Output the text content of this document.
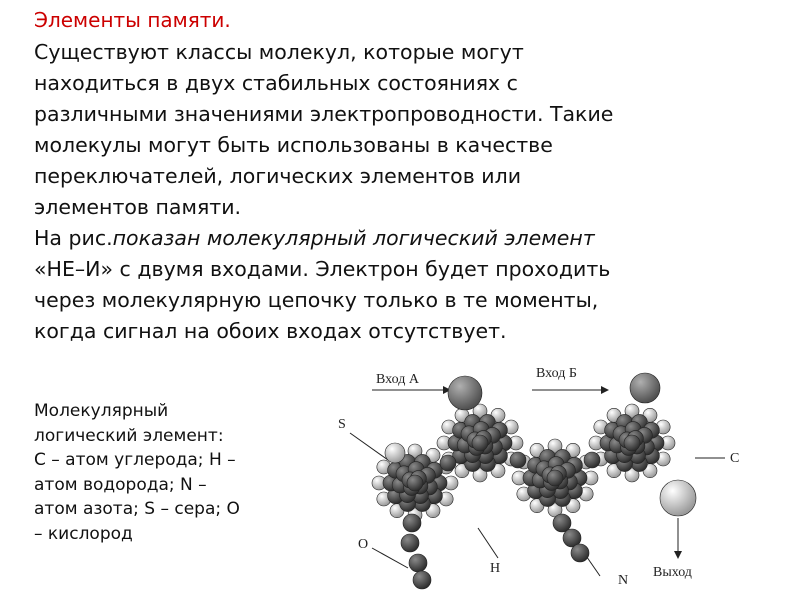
Элементы памяти.
Существуют классы молекул, которые могут
находиться в двух стабильных состояниях с
различными значениями электропроводности. Такие
молекулы могут быть использованы в качестве
переключателей, логических элементов или
элементов памяти.
На рис.показан молекулярный логический элемент
«НЕ–И» с двумя входами. Электрон будет проходить
через молекулярную цепочку только в те моменты,
когда сигнал на обоих входах отсутствует.
Молекулярный
логический элемент:
C – атом углерода; H –
атом водорода; N –
атом азота; S – сера; O
– кислород
Вход А	Вход Б
S
C
O
H
N
Выход
